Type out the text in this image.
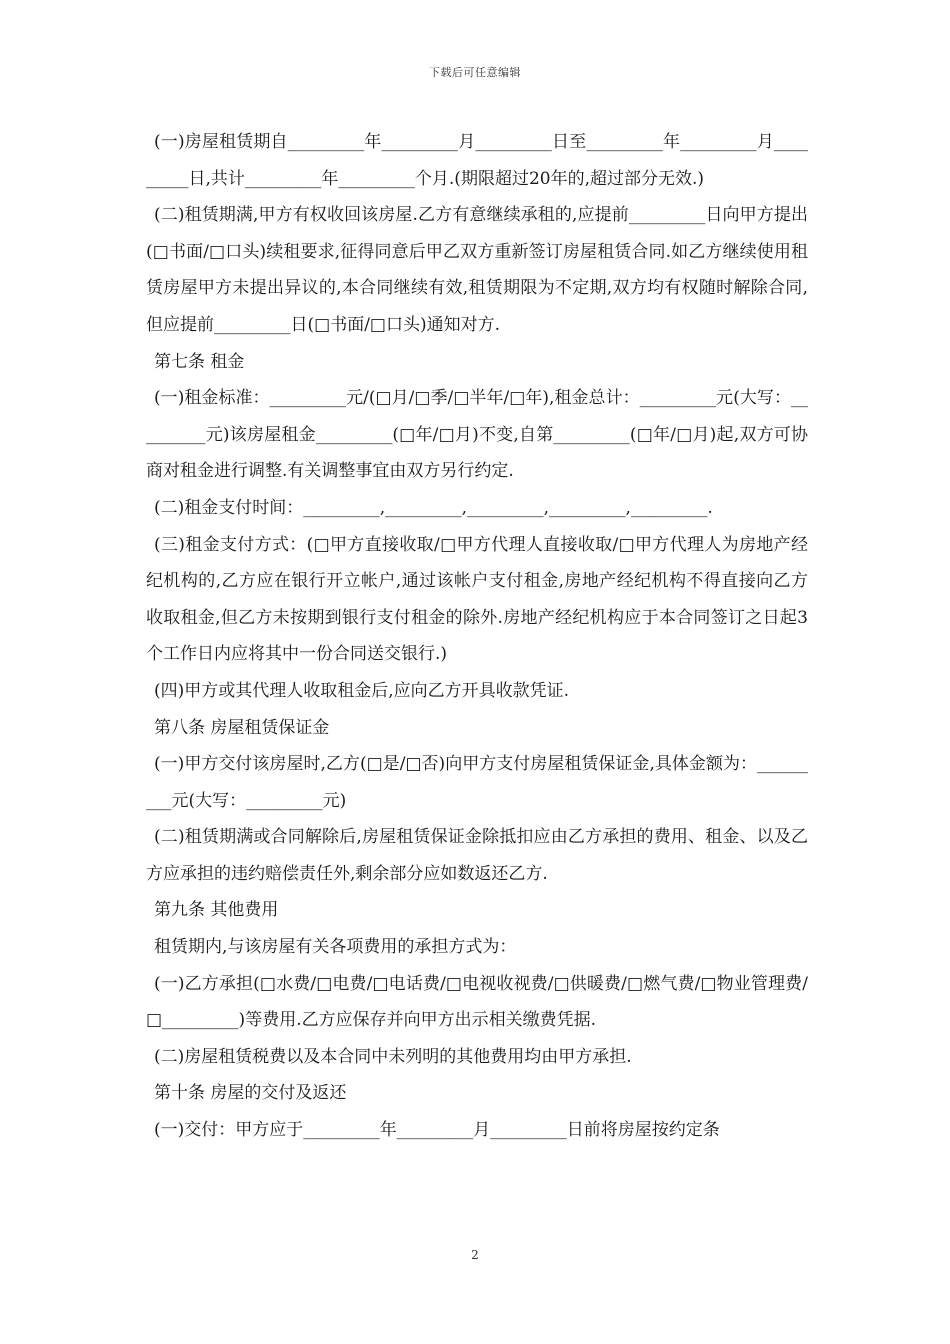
下载后可任意编辑

(一)房屋租赁期自_________年_________月_________日至_________年_________月_________日,共计_________年_________个月.(期限超过20年的,超过部分无效.)

(二)租赁期满,甲方有权收回该房屋.乙方有意继续承租的,应提前_________日向甲方提出(□书面/□口头)续租要求,征得同意后甲乙双方重新签订房屋租赁合同.如乙方继续使用租赁房屋甲方未提出异议的,本合同继续有效,租赁期限为不定期,双方均有权随时解除合同,但应提前_________日(□书面/□口头)通知对方.

第七条 租金

(一)租金标准：_________元/(□月/□季/□半年/□年),租金总计：_________元(大写：_________元)该房屋租金_________(□年/□月)不变,自第_________(□年/□月)起,双方可协商对租金进行调整.有关调整事宜由双方另行约定.

(二)租金支付时间：_________,_________,_________,_________,_________.

(三)租金支付方式：(□甲方直接收取/□甲方代理人直接收取/□甲方代理人为房地产经纪机构的,乙方应在银行开立帐户,通过该帐户支付租金,房地产经纪机构不得直接向乙方收取租金,但乙方未按期到银行支付租金的除外.房地产经纪机构应于本合同签订之日起3个工作日内应将其中一份合同送交银行.)

(四)甲方或其代理人收取租金后,应向乙方开具收款凭证.

第八条 房屋租赁保证金

(一)甲方交付该房屋时,乙方(□是/□否)向甲方支付房屋租赁保证金,具体金额为：_________元(大写：_________元)

(二)租赁期满或合同解除后,房屋租赁保证金除抵扣应由乙方承担的费用、租金、以及乙方应承担的违约赔偿责任外,剩余部分应如数返还乙方.

第九条 其他费用

租赁期内,与该房屋有关各项费用的承担方式为：

(一)乙方承担(□水费/□电费/□电话费/□电视收视费/□供暖费/□燃气费/□物业管理费/□_________)等费用.乙方应保存并向甲方出示相关缴费凭据.

(二)房屋租赁税费以及本合同中未列明的其他费用均由甲方承担.

第十条 房屋的交付及返还

(一)交付：甲方应于_________年_________月_________日前将房屋按约定条

2
